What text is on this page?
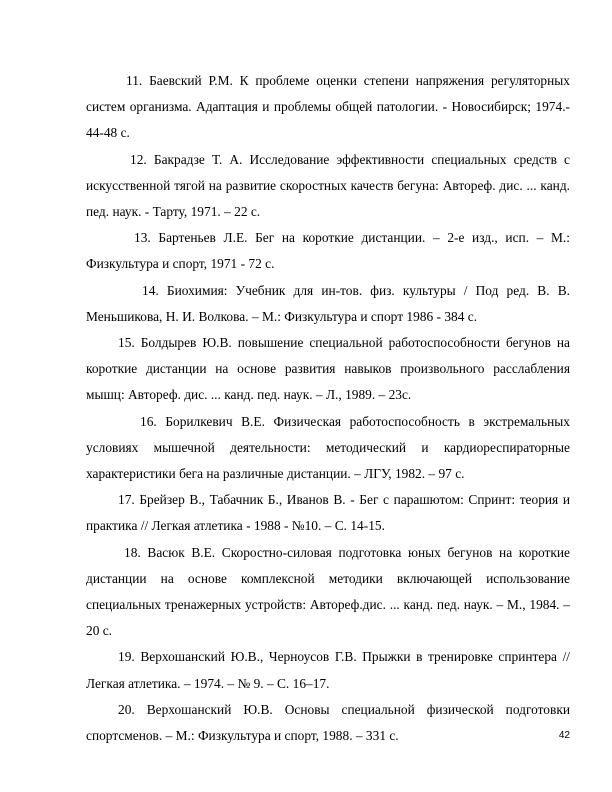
11. Баевский Р.М. К проблеме оценки степени напряжения регуляторных систем организма. Адаптация и проблемы общей патологии. - Новосибирск; 1974.- 44-48 с.

12. Бакрадзе Т. А. Исследование эффективности специальных средств с искусственной тягой на развитие скоростных качеств бегуна: Автореф. дис. ... канд. пед. наук. - Тарту, 1971. – 22 с.

13. Бартеньев Л.Е. Бег на короткие дистанции. – 2-е изд., исп. – М.: Физкультура и спорт, 1971 - 72 с.

14. Биохимия: Учебник для ин-тов. физ. культуры / Под ред. В. В. Меньшикова, Н. И. Волкова. – М.: Физкультура и спорт 1986 - 384 с.

15. Болдырев Ю.В. повышение специальной работоспособности бегунов на короткие дистанции на основе развития навыков произвольного расслабления мышц: Автореф. дис. ... канд. пед. наук. – Л., 1989. – 23с.

16. Борилкевич В.Е. Физическая работоспособность в экстремальных условиях мышечной деятельности: методический и кардиореспираторные характеристики бега на различные дистанции. – ЛГУ, 1982. – 97 с.

17. Брейзер В., Табачник Б., Иванов В. - Бег с парашютом: Спринт: теория и практика // Легкая атлетика - 1988 - №10. – С. 14-15.

18. Васюк В.Е. Скоростно-силовая подготовка юных бегунов на короткие дистанции на основе комплексной методики включающей использование специальных тренажерных устройств: Автореф.дис. ... канд. пед. наук. – М., 1984. – 20 с.

19. Верхошанский Ю.В., Черноусов Г.В. Прыжки в тренировке спринтера // Легкая атлетика. – 1974. – № 9. – С. 16–17.

20. Верхошанский Ю.В. Основы специальной физической подготовки спортсменов. – М.: Физкультура и спорт, 1988. – 331 с.	42
